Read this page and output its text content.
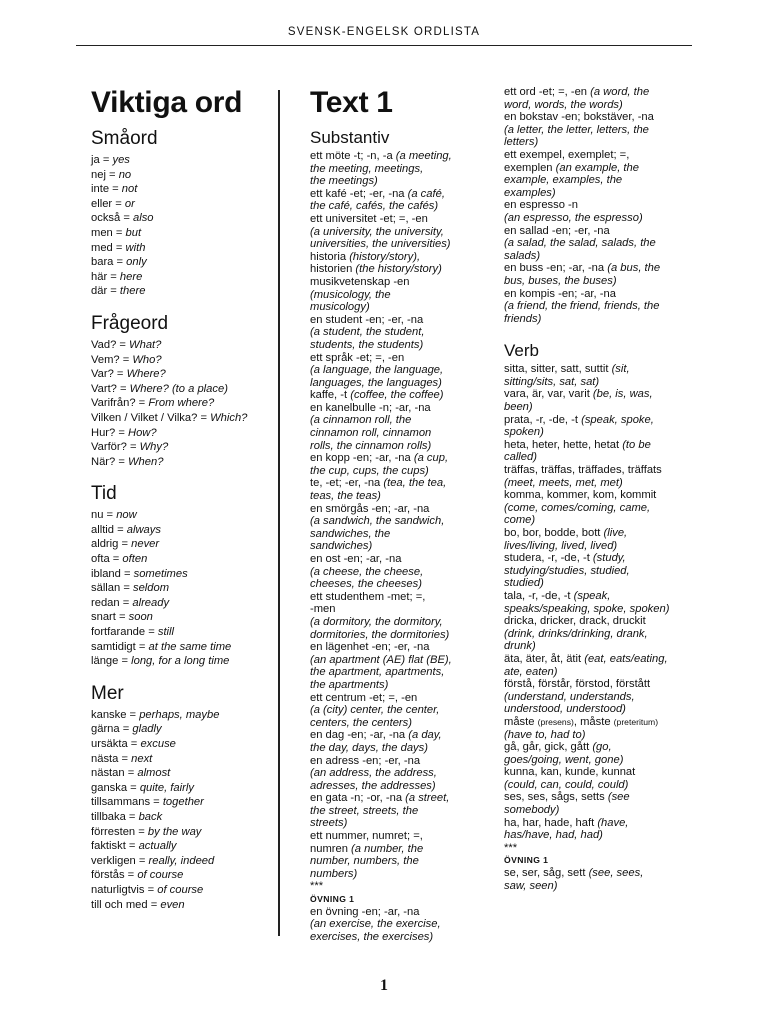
SVENSK-ENGELSK ORDLISTA
Viktiga ord
Småord
ja = yes
nej = no
inte = not
eller = or
också = also
men = but
med = with
bara = only
här = here
där = there
Frågeord
Vad? = What?
Vem? = Who?
Var? = Where?
Vart? = Where? (to a place)
Varifrån? = From where?
Vilken / Vilket / Vilka? = Which?
Hur? = How?
Varför? = Why?
När? = When?
Tid
nu = now
alltid = always
aldrig = never
ofta = often
ibland = sometimes
sällan = seldom
redan = already
snart = soon
fortfarande = still
samtidigt = at the same time
länge = long, for a long time
Mer
kanske = perhaps, maybe
gärna = gladly
ursäkta = excuse
nästa = next
nästan = almost
ganska = quite, fairly
tillsammans = together
tillbaka = back
förresten = by the way
faktiskt = actually
verkligen = really, indeed
förstås = of course
naturligtvis = of course
till och med = even
Text 1
Substantiv
ett möte -t; -n, -a (a meeting,
the meeting, meetings,
the meetings)
ett kafé -et; -er, -na (a café,
the café, cafés, the cafés)
ett universitet -et; =, -en
(a university, the university,
universities, the universities)
historia (history/story),
historien (the history/story)
musikvetenskap -en
(musicology, the
musicology)
en student -en; -er, -na
(a student, the student,
students, the students)
ett språk -et; =, -en
(a language, the language,
languages, the languages)
kaffe, -t (coffee, the coffee)
en kanelbulle -n; -ar, -na
(a cinnamon roll, the
cinnamon roll, cinnamon
rolls, the cinnamon rolls)
en kopp -en; -ar, -na (a cup,
the cup, cups, the cups)
te, -et; -er, -na (tea, the tea,
teas, the teas)
en smörgås -en; -ar, -na
(a sandwich, the sandwich,
sandwiches, the
sandwiches)
en ost -en; -ar, -na
(a cheese, the cheese,
cheeses, the cheeses)
ett studenthem -met; =,
-men
(a dormitory, the dormitory,
dormitories, the dormitories)
en lägenhet -en; -er, -na
(an apartment (AE) flat (BE),
the apartment, apartments,
the apartments)
ett centrum -et; =, -en
(a (city) center, the center,
centers, the centers)
en dag -en; -ar, -na (a day,
the day, days, the days)
en adress -en; -er, -na
(an address, the address,
adresses, the addresses)
en gata -n; -or, -na (a street,
the street, streets, the
streets)
ett nummer, numret; =,
numren (a number, the
number, numbers, the
numbers)
***
ÖVNING 1
en övning -en; -ar, -na
(an exercise, the exercise,
exercises, the exercises)
ett ord -et; =, -en (a word, the
word, words, the words)
en bokstav -en; bokstäver, -na
(a letter, the letter, letters, the
letters)
ett exempel, exemplet; =,
exemplen (an example, the
example, examples, the
examples)
en espresso -n
(an espresso, the espresso)
en sallad -en; -er, -na
(a salad, the salad, salads, the
salads)
en buss -en; -ar, -na (a bus, the
bus, buses, the buses)
en kompis -en; -ar, -na
(a friend, the friend, friends, the
friends)
Verb
sitta, sitter, satt, suttit (sit,
sitting/sits, sat, sat)
vara, är, var, varit (be, is, was,
been)
prata, -r, -de, -t (speak, spoke,
spoken)
heta, heter, hette, hetat (to be
called)
träffas, träffas, träffades, träffats
(meet, meets, met, met)
komma, kommer, kom, kommit
(come, comes/coming, came,
come)
bo, bor, bodde, bott (live,
lives/living, lived, lived)
studera, -r, -de, -t (study,
studying/studies, studied,
studied)
tala, -r, -de, -t (speak,
speaks/speaking, spoke, spoken)
dricka, dricker, drack, druckit
(drink, drinks/drinking, drank,
drunk)
äta, äter, åt, ätit (eat, eats/eating,
ate, eaten)
förstå, förstår, förstod, förstått
(understand, understands,
understood, understood)
måste (presens), måste (preteritum)
(have to, had to)
gå, går, gick, gått (go,
goes/going, went, gone)
kunna, kan, kunde, kunnat
(could, can, could, could)
ses, ses, sågs, setts (see
somebody)
ha, har, hade, haft (have,
has/have, had, had)
***
ÖVNING 1
se, ser, såg, sett (see, sees,
saw, seen)
1
